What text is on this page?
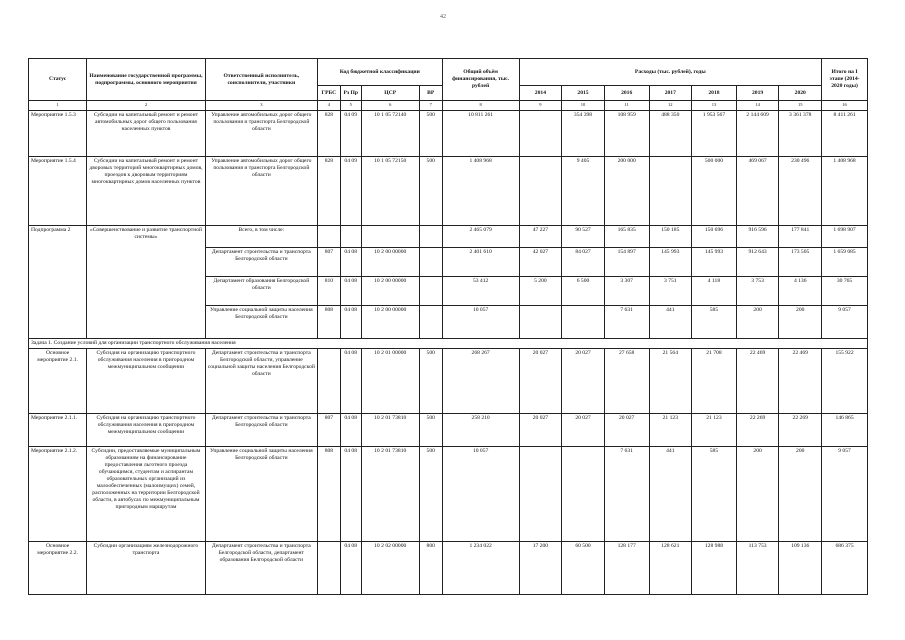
42
Статус	Наименование государственной программы, подпрограммы, основного мероприятия	Ответственный исполнитель, соисполнители, участники	Код бюджетной классификации				Общий объём финансирования, тыс. рублей	Расходы (тыс. рублей), годы							Итого на I этапе (2014-2020 годы)
			ГРБС	Рз Пр	ЦСР	ВР		2014	2015	2016	2017	2018	2019	2020	
1	2	3	4	5	6	7	8	9	10	11	12	13	14	15	16
Мероприятие 1.5.3	Субсидии на капитальный ремонт и ремонт автомобильных дорог общего пользования населенных пунктов	Управление автомобильных дорог общего пользования и транспорта Белгородской области	828	04 09	10 1 05 72140	500	10 811 261		354 398	108 959	488 350	1 953 567	2 144 609	3 361 378	8 411 261
Мероприятие 1.5.4	Субсидии на капитальный ремонт и ремонт дворовых территорий многоквартирных домов, проездов к дворовым территориям многоквартирных домов населенных пунктов	Управление автомобильных дорог общего пользования и транспорта Белгородской области	828	04 09	10 1 05 72150	500	1 408 968		9 405	200 000		500 000	469 067	230 496	1 408 968
Подпрограмма 2	«Совершенствование и развитие транспортной системы»	Всего, в том числе:					2 465 079	47 227	90 527	165 835	150 185	150 696	916 596	177 841	1 698 907
		Департамент строительства и транспорта Белгородской области	807	04 08	10 2 00 00000		2 401 610	42 027	84 027	154 897	145 993	145 993	912 643	173 505	1 659 085
		Департамент образования Белгородской области	810	04 08	10 2 00 00000		53 412	5 200	6 500	3 307	3 751	4 118	3 753	4 136	30 765
		Управление социальной защиты населения Белгородской области	808	04 08	10 2 00 00000		10 057			7 631	441	585	200	200	9 057
Задача 1. Создание условий для организации транспортного обслуживания населения															
Основное мероприятие 2.1.	Субсидия на организацию транспортного обслуживания населения в пригородном межмуниципальном сообщении	Департамент строительства и транспорта Белгородской области, управление социальной защиты населения Белгородской области		04 08	10 2 01 00000	500	268 267	20 027	20 027	27 658	21 564	21 708	22 469	22 469	155 922
Мероприятие 2.1.1.	Субсидия на организацию транспортного обслуживания населения в пригородном межмуниципальном сообщении	Департамент строительства и транспорта Белгородской области	807	04 08	10 2 01 73810	500	258 210	20 027	20 027	20 027	21 123	21 123	22 269	22 269	146 865
Мероприятие 2.1.2.	Субсидии, предоставляемые муниципальным образованиям на финансирование предоставления льготного проезда обучающимся, студентам и аспирантам образовательных организаций из малообеспеченных (малоимущих) семей, расположенных на территории Белгородской области, в автобусах по межмуниципальным пригородным маршрутам	Управление социальной защиты населения Белгородской области	808	04 08	10 2 01 73810	500	10 057			7 631	441	585	200	200	9 057
Основное мероприятие 2.2.	Субсидии организациям железнодорожного транспорта	Департамент строительства и транспорта Белгородской области, департамент образования Белгородской области		04 08	10 2 02 00000	800	1 234 022	17 200	60 500	128 177	128 621	128 988	113 753	109 136	686 375
